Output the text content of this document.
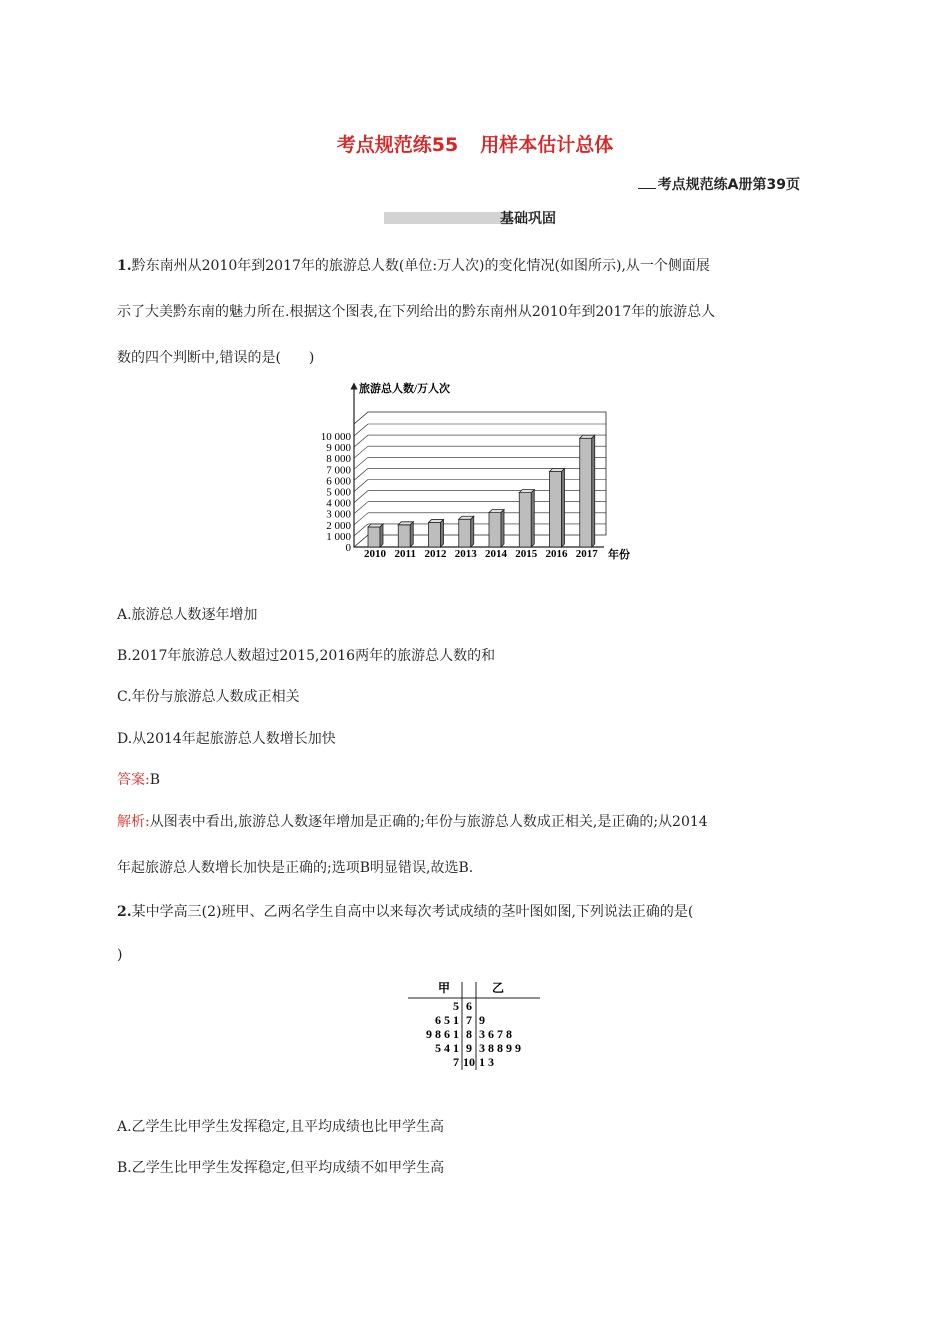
考点规范练55 用样本估计总体
考点规范练A册第39页
基础巩固
1.黔东南州从2010年到2017年的旅游总人数(单位:万人次)的变化情况(如图所示),从一个侧面展
示了大美黔东南的魅力所在.根据这个图表,在下列给出的黔东南州从2010年到2017年的旅游总人
数的四个判断中,错误的是(　　)
旅游总人数/万人次
0
1 000
2 000
3 000
4 000
5 000
6 000
7 000
8 000
9 000
10 000
2010 2011 2012 2013 2014 2015 2016 2017 年份
A.旅游总人数逐年增加
B.2017年旅游总人数超过2015,2016两年的旅游总人数的和
C.年份与旅游总人数成正相关
D.从2014年起旅游总人数增长加快
答案:B
解析:从图表中看出,旅游总人数逐年增加是正确的;年份与旅游总人数成正相关,是正确的;从2014
年起旅游总人数增长加快是正确的;选项B明显错误,故选B.
2.某中学高三(2)班甲、乙两名学生自高中以来每次考试成绩的茎叶图如图,下列说法正确的是(
)
甲	乙
5 6
6 5 1 7 9
9 8 6 1 8 3 6 7 8
5 4 1 9 3 8 8 9 9
7 10 1 3
A.乙学生比甲学生发挥稳定,且平均成绩也比甲学生高
B.乙学生比甲学生发挥稳定,但平均成绩不如甲学生高
